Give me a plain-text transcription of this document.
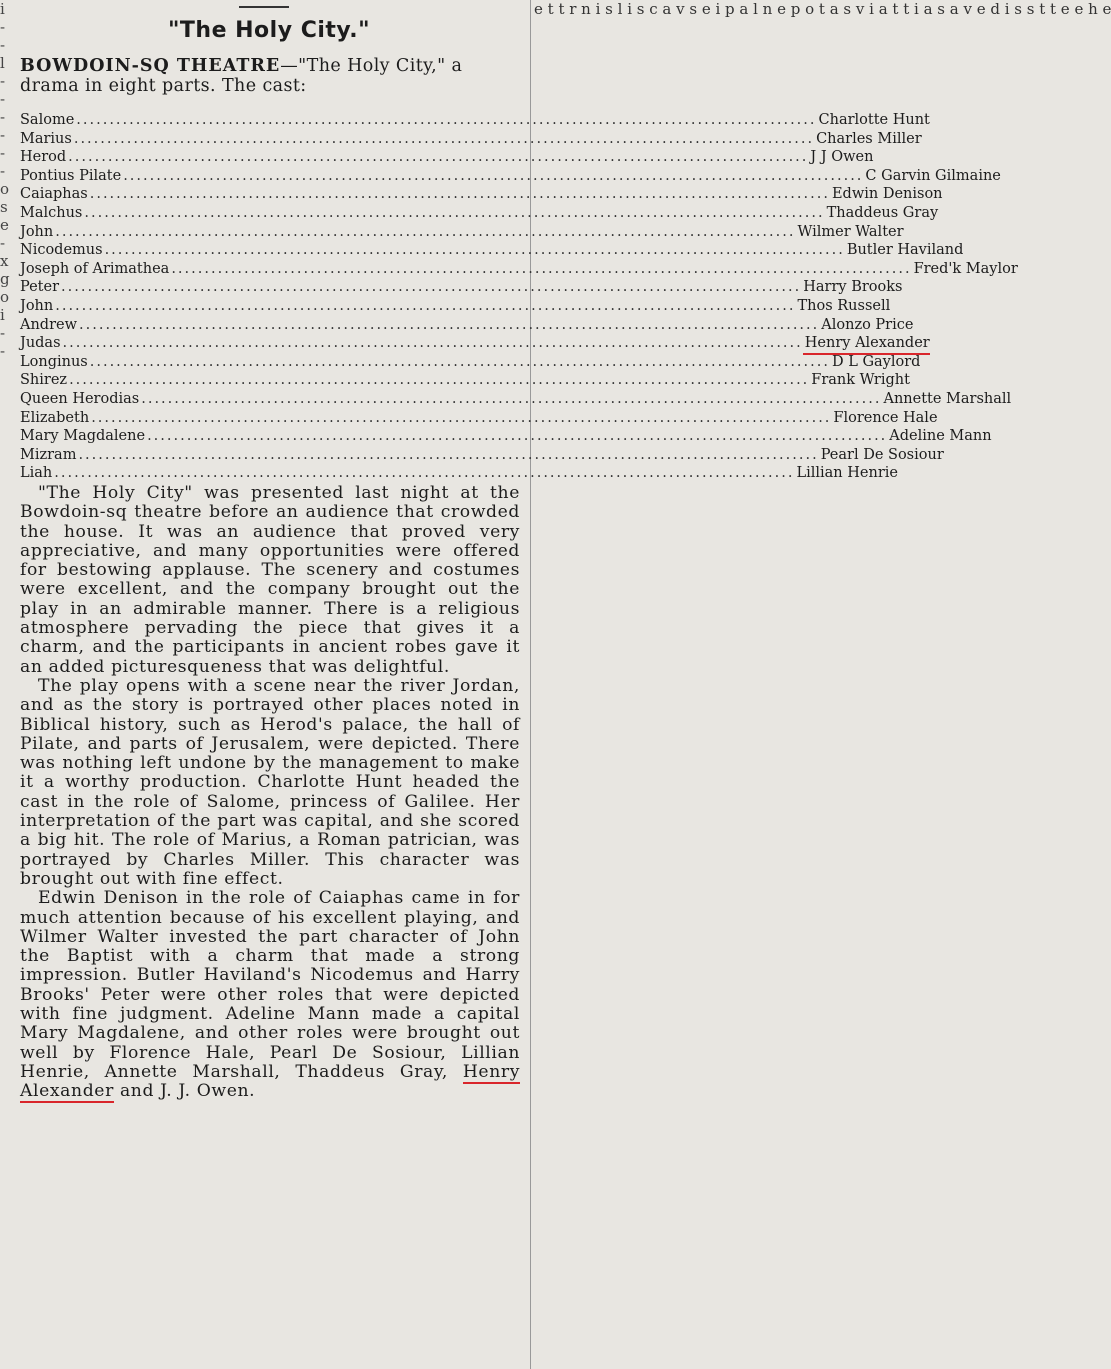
i - - l - - - - - - o s e - x g o i - -
e t t r n i s l i s c a v s e i p a l n e p o t a s v i a t t i a s a v e d i s s t t e e h e
"The Holy City."
BOWDOIN-SQ THEATRE—"The Holy City," a drama in eight parts. The cast:
Salome .....	Charlotte Hunt
Marius .....	Charles Miller
Herod .....	J J Owen
Pontius Pilate .....	C Garvin Gilmaine
Caiaphas .....	Edwin Denison
Malchus .....	Thaddeus Gray
John .....	Wilmer Walter
Nicodemus .....	Butler Haviland
Joseph of Arimathea .....	Fred'k Maylor
Peter .....	Harry Brooks
John .....	Thos Russell
Andrew .....	Alonzo Price
Judas .....	Henry Alexander
Longinus .....	D L Gaylord
Shirez .....	Frank Wright
Queen Herodias .....	Annette Marshall
Elizabeth .....	Florence Hale
Mary Magdalene .....	Adeline Mann
Mizram .....	Pearl De Sosiour
Liah .....	Lillian Henrie

"The Holy City" was presented last night at the Bowdoin-sq theatre before an audience that crowded the house. It was an audience that proved very appreciative, and many opportunities were offered for bestowing applause. The scenery and costumes were excellent, and the company brought out the play in an admirable manner. There is a religious atmosphere pervading the piece that gives it a charm, and the participants in ancient robes gave it an added picturesqueness that was delightful.

The play opens with a scene near the river Jordan, and as the story is portrayed other places noted in Biblical history, such as Herod's palace, the hall of Pilate, and parts of Jerusalem, were depicted. There was nothing left undone by the management to make it a worthy production. Charlotte Hunt headed the cast in the role of Salome, princess of Galilee. Her interpretation of the part was capital, and she scored a big hit. The role of Marius, a Roman patrician, was portrayed by Charles Miller. This character was brought out with fine effect.

Edwin Denison in the role of Caiaphas came in for much attention because of his excellent playing, and Wilmer Walter invested the part character of John the Baptist with a charm that made a strong impression. Butler Haviland's Nicodemus and Harry Brooks' Peter were other roles that were depicted with fine judgment. Adeline Mann made a capital Mary Magdalene, and other roles were brought out well by Florence Hale, Pearl De Sosiour, Lillian Henrie, Annette Marshall, Thaddeus Gray, Henry Alexander and J. J. Owen.
